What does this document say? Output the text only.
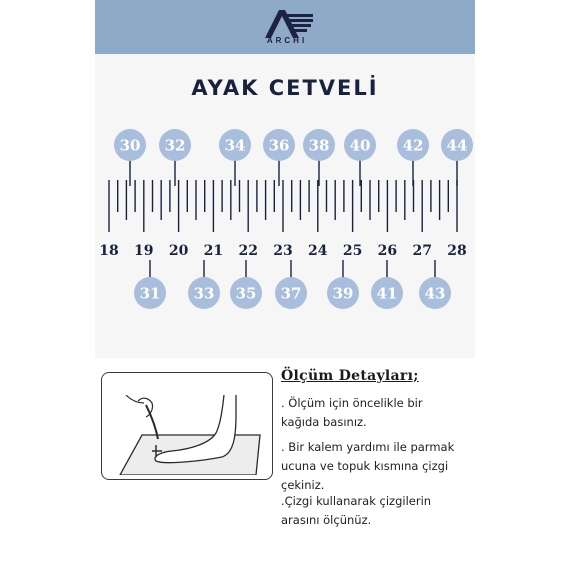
ARCHI
AYAK CETVELİ
18 19 20 21 22 23 24 25 26 27 28
30 32	34 36 38 40 42 44
31 33 35 37 39 41 43
Ölçüm Detayları;
. Ölçüm için öncelikle bir
kağıda basınız.
. Bir kalem yardımı ile parmak
ucuna ve topuk kısmına çizgi
çekiniz.
.Çizgi kullanarak çizgilerin
arasını ölçünüz.
